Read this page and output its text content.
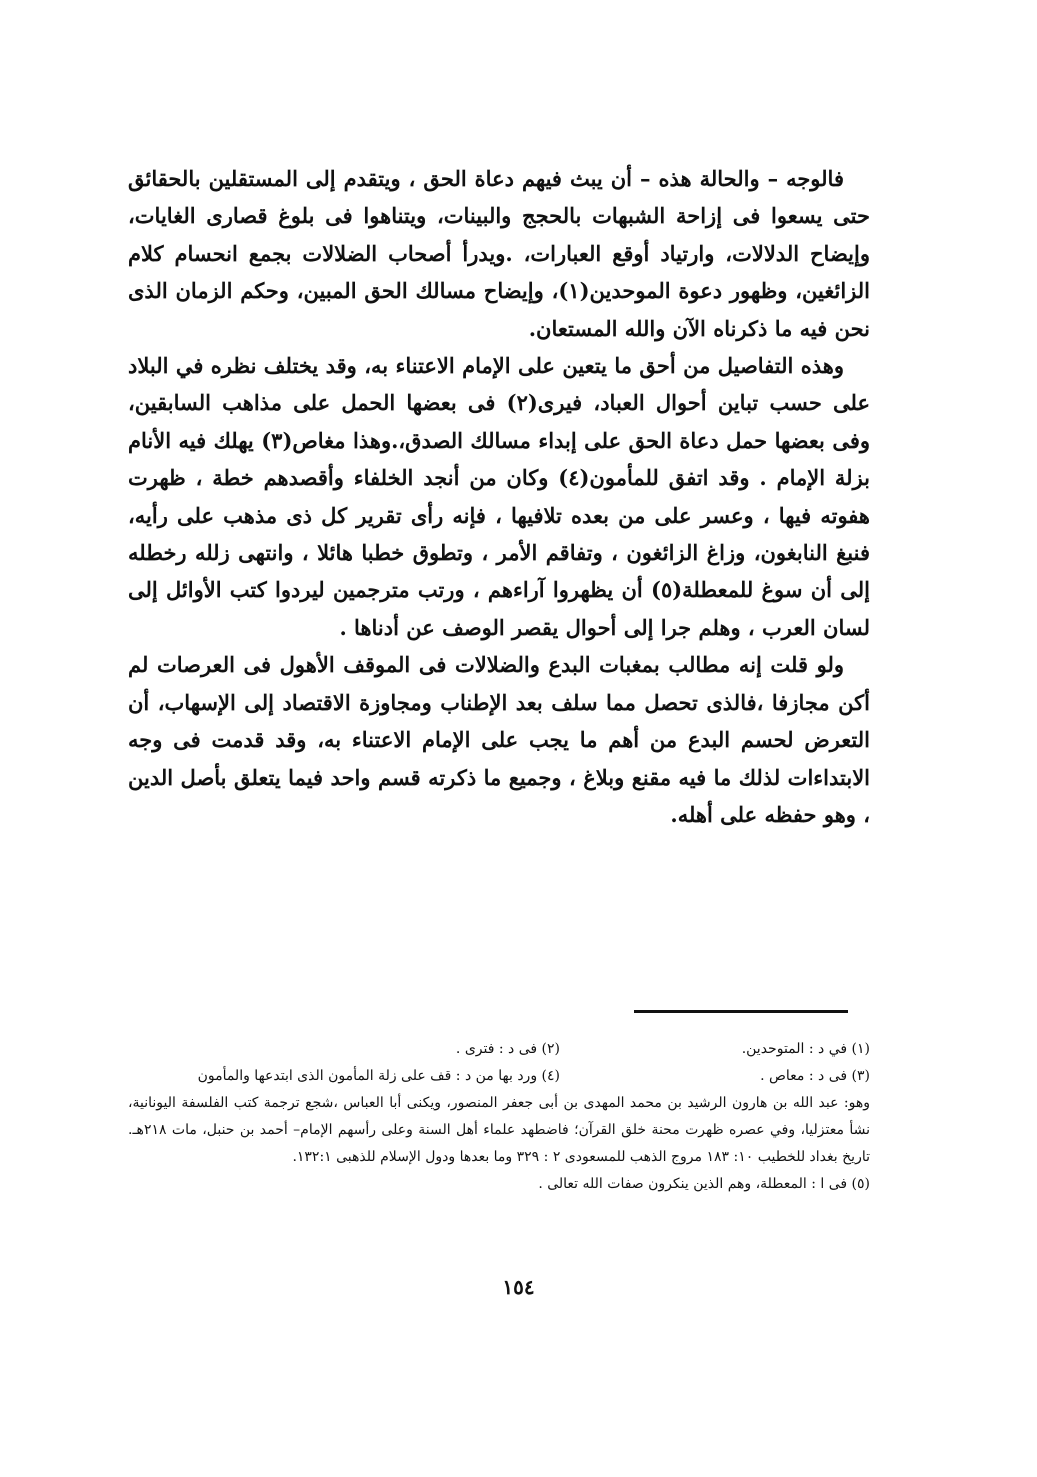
فالوجه – والحالة هذه – أن يبث فيهم دعاة الحق ، ويتقدم إلى المستقلين بالحقائق حتى يسعوا فى إزاحة الشبهات بالحجج والبينات، ويتناهوا فى بلوغ قصارى الغايات، وإيضاح الدلالات، وارتياد أوقع العبارات، .ويدرأ أصحاب الضلالات بجمع انحسام كلام الزائغين، وظهور دعوة الموحدين(١)، وإيضاح مسالك الحق المبين، وحكم الزمان الذى نحن فيه ما ذكرناه الآن والله المستعان.

وهذه التفاصيل من أحق ما يتعين على الإمام الاعتناء به، وقد يختلف نظره في البلاد على حسب تباين أحوال العباد، فيرى(٢) فى بعضها الحمل على مذاهب السابقين، وفى بعضها حمل دعاة الحق على إبداء مسالك الصدق،.وهذا مغاص(٣) يهلك فيه الأنام بزلة الإمام . وقد اتفق للمأمون(٤) وكان من أنجد الخلفاء وأقصدهم خطة ، ظهرت هفوته فيها ، وعسر على من بعده تلافيها ، فإنه رأى تقرير كل ذى مذهب على رأيه، فنبغ النابغون، وزاغ الزائغون ، وتفاقم الأمر ، وتطوق خطبا هائلا ، وانتهى زلله رخطله إلى أن سوغ للمعطلة(٥) أن يظهروا آراءهم ، ورتب مترجمين ليردوا كتب الأوائل إلى لسان العرب ، وهلم جرا إلى أحوال يقصر الوصف عن أدناها .

ولو قلت إنه مطالب بمغبات البدع والضلالات فى الموقف الأهول فى العرصات لم أكن مجازفا ،فالذى تحصل مما سلف بعد الإطناب ومجاوزة الاقتصاد إلى الإسهاب، أن التعرض لحسم البدع من أهم ما يجب على الإمام الاعتناء به، وقد قدمت فى وجه الابتداءات لذلك ما فيه مقنع وبلاغ ، وجميع ما ذكرته قسم واحد فيما يتعلق بأصل الدين ، وهو حفظه على أهله.

(١) في د : المتوحدين.
(٢) فى د : فترى .
(٣) فى د : معاص .
(٤) ورد بها من د : قف على زلة المأمون الذى ابتدعها والمأمون

وهو: عبد الله بن هارون الرشيد بن محمد المهدى بن أبى جعفر المنصور، ويكنى أبا العباس ،شجع ترجمة كتب الفلسفة اليونانية، نشأ معتزليا، وفي عصره ظهرت محنة خلق القرآن؛ فاضطهد علماء أهل السنة وعلى رأسهم الإمام– أحمد بن حنبل، مات ٢١٨هـ. تاريخ بغداد للخطيب ١٠: ١٨٣ مروج الذهب للمسعودى ٢ : ٣٢٩ وما بعدها ودول الإسلام للذهبى ١٣٢:١.

(٥) فى ا : المعطلة، وهم الذين ينكرون صفات الله تعالى .

١٥٤
